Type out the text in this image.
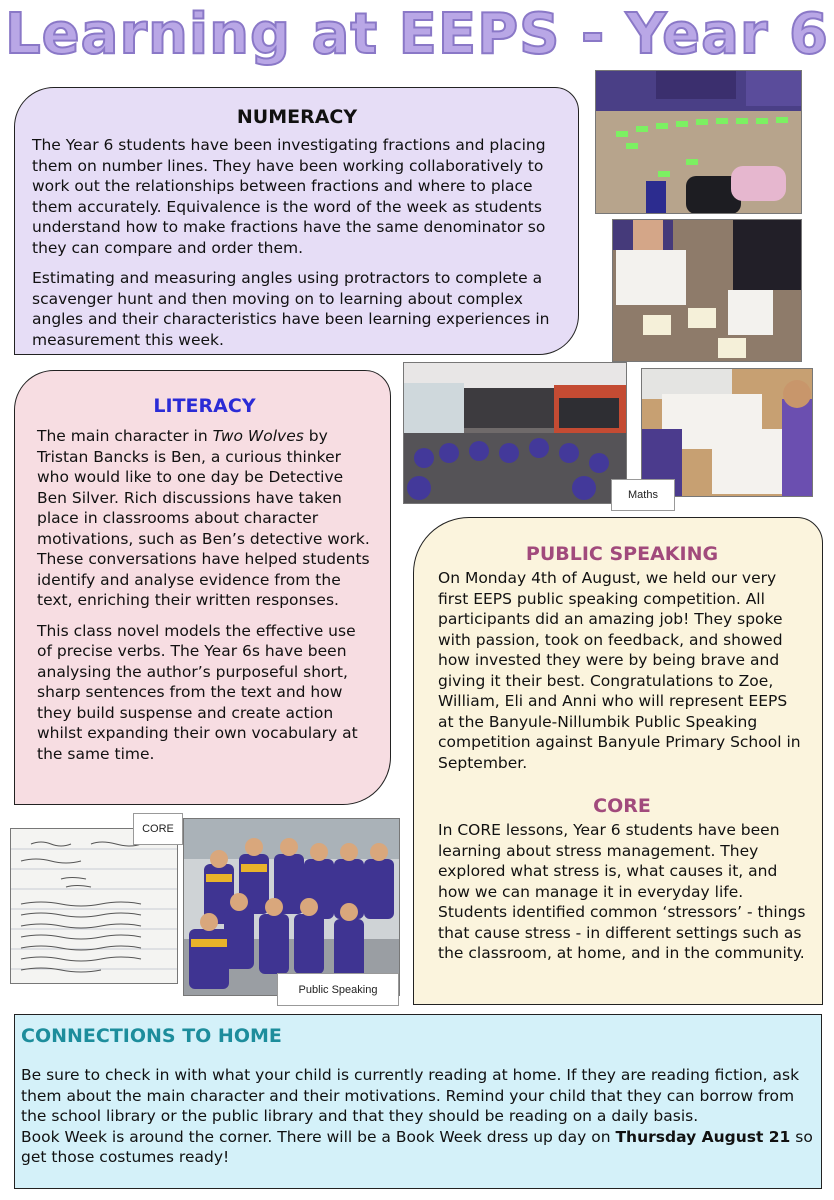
Learning at EEPS - Year 6
NUMERACY

The Year 6 students have been investigating fractions and placing them on number lines. They have been working collaboratively to work out the relationships between fractions and where to place them accurately. Equivalence is the word of the week as students understand how to make fractions have the same denominator so they can compare and order them.

Estimating and measuring angles using protractors to complete a scavenger hunt and then moving on to learning about complex angles and their characteristics have been learning experiences in measurement this week.

LITERACY

The main character in Two Wolves by Tristan Bancks is Ben, a curious thinker who would like to one day be Detective Ben Silver. Rich discussions have taken place in classrooms about character motivations, such as Ben’s detective work. These conversations have helped students identify and analyse evidence from the text, enriching their written responses.

This class novel models the effective use of precise verbs. The Year 6s have been analysing the author’s purposeful short, sharp sentences from the text and how they build suspense and create action whilst expanding their own vocabulary at the same time.

Maths
PUBLIC SPEAKING

On Monday 4th of August, we held our very first EEPS public speaking competition. All participants did an amazing job! They spoke with passion, took on feedback, and showed how invested they were by being brave and giving it their best. Congratulations to Zoe, William, Eli and Anni who will represent EEPS at the Banyule-Nillumbik Public Speaking competition against Banyule Primary School in September.

CORE

In CORE lessons, Year 6 students have been learning about stress management. They explored what stress is, what causes it, and how we can manage it in everyday life. Students identified common ‘stressors’ - things that cause stress - in different settings such as the classroom, at home, and in the community.

CORE
Public Speaking
CONNECTIONS TO HOME

Be sure to check in with what your child is currently reading at home. If they are reading fiction, ask them about the main character and their motivations. Remind your child that they can borrow from the school library or the public library and that they should be reading on a daily basis.

Book Week is around the corner. There will be a Book Week dress up day on Thursday August 21 so get those costumes ready!
